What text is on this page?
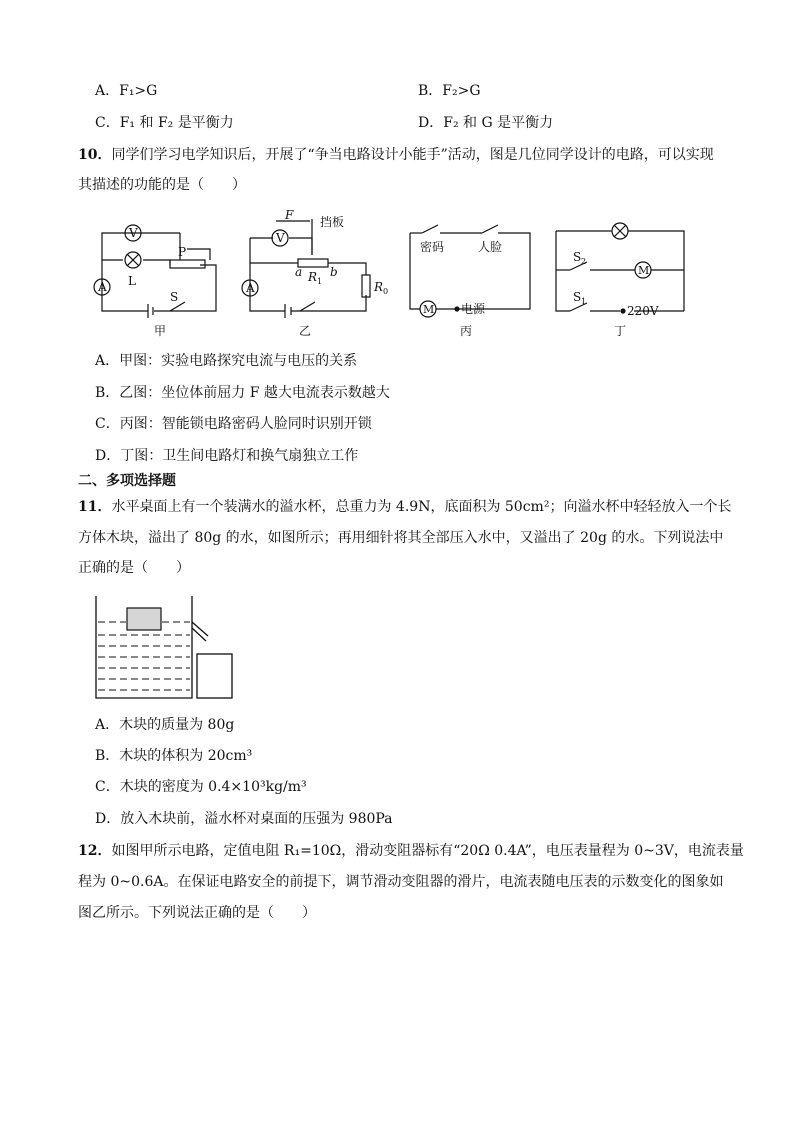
A．F₁>G	B．F₂>G
C．F₁ 和 F₂ 是平衡力	D．F₂ 和 G 是平衡力
10．同学们学习电学知识后，开展了“争当电路设计小能手”活动，图是几位同学设计的电路，可以实现
其描述的功能的是（　　）
V
L
A
P
S
甲
F 挡板
V
A
a R 1
b
R 0
乙
密码	人脸
M 电源
丙
S 2
M
S 1
220V
丁
A．甲图：实验电路探究电流与电压的关系
B．乙图：坐位体前屈力 F 越大电流表示数越大
C．丙图：智能锁电路密码人脸同时识别开锁
D．丁图：卫生间电路灯和换气扇独立工作
二、多项选择题
11．水平桌面上有一个装满水的溢水杯，总重力为 4.9N，底面积为 50cm²；向溢水杯中轻轻放入一个长
方体木块，溢出了 80g 的水，如图所示；再用细针将其全部压入水中，又溢出了 20g 的水。下列说法中
正确的是（　　）
A．木块的质量为 80g
B．木块的体积为 20cm³
C．木块的密度为 0.4×10³kg/m³
D．放入木块前，溢水杯对桌面的压强为 980Pa
12．如图甲所示电路，定值电阻 R₁=10Ω，滑动变阻器标有“20Ω 0.4A”，电压表量程为 0~3V，电流表量
程为 0~0.6A。在保证电路安全的前提下，调节滑动变阻器的滑片，电流表随电压表的示数变化的图象如
图乙所示。下列说法正确的是（　　）
